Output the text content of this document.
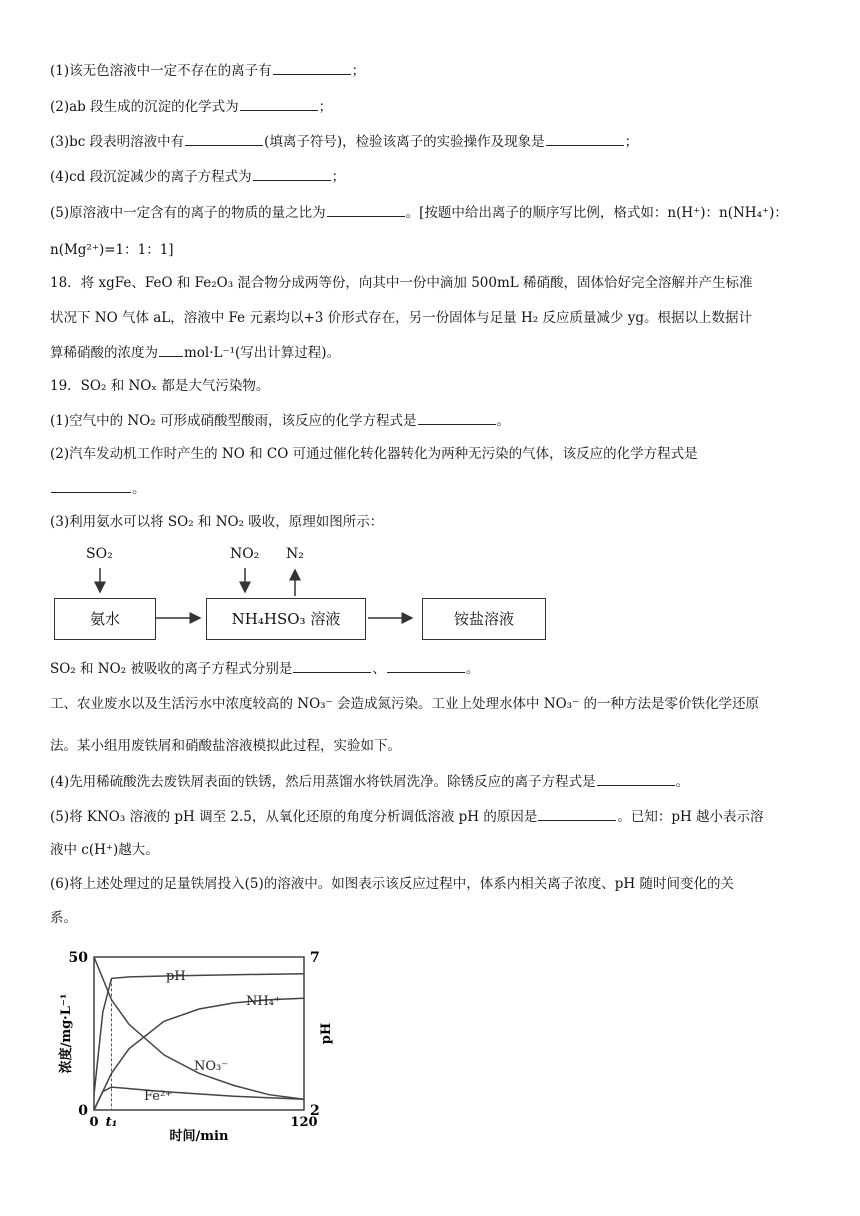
(1)该无色溶液中一定不存在的离子有	；
(2)ab 段生成的沉淀的化学式为	；
(3)bc 段表明溶液中有	(填离子符号)，检验该离子的实验操作及现象是	；
(4)cd 段沉淀减少的离子方程式为	；
(5)原溶液中一定含有的离子的物质的量之比为	。[按题中给出离子的顺序写比例，格式如：n(H⁺)：n(NH₄⁺)：
n(Mg²⁺)=1：1：1]
18．将 xgFe、FeO 和 Fe₂O₃ 混合物分成两等份，向其中一份中滴加 500mL 稀硝酸，固体恰好完全溶解并产生标准
状况下 NO 气体 aL，溶液中 Fe 元素均以+3 价形式存在，另一份固体与足量 H₂ 反应质量减少 yg。根据以上数据计
算稀硝酸的浓度为 mol·L⁻¹(写出计算过程)。
19．SO₂ 和 NOₓ 都是大气污染物。
(1)空气中的 NO₂ 可形成硝酸型酸雨，该反应的化学方程式是	。
(2)汽车发动机工作时产生的 NO 和 CO 可通过催化转化器转化为两种无污染的气体，该反应的化学方程式是
。
(3)利用氨水可以将 SO₂ 和 NO₂ 吸收，原理如图所示：
SO₂	NO₂ N₂
氨水	NH₄HSO₃ 溶液	铵盐溶液
SO₂ 和 NO₂ 被吸收的离子方程式分别是	、	。
工、农业废水以及生活污水中浓度较高的 NO₃⁻ 会造成氮污染。工业上处理水体中 NO₃⁻ 的一种方法是零价铁化学还原
法。某小组用废铁屑和硝酸盐溶液模拟此过程，实验如下。
(4)先用稀硫酸洗去废铁屑表面的铁锈，然后用蒸馏水将铁屑洗净。除锈反应的离子方程式是	。
(5)将 KNO₃ 溶液的 pH 调至 2.5，从氧化还原的角度分析调低溶液 pH 的原因是	。已知：pH 越小表示溶
液中 c(H⁺)越大。
(6)将上述处理过的足量铁屑投入(5)的溶液中。如图表示该反应过程中，体系内相关离子浓度、pH 随时间变化的关
系。
pH
NH₄⁺
NO₃⁻
Fe²⁺
0
50
2
7
0 t₁	120
时间/min
浓度/mg·L⁻¹	pH
